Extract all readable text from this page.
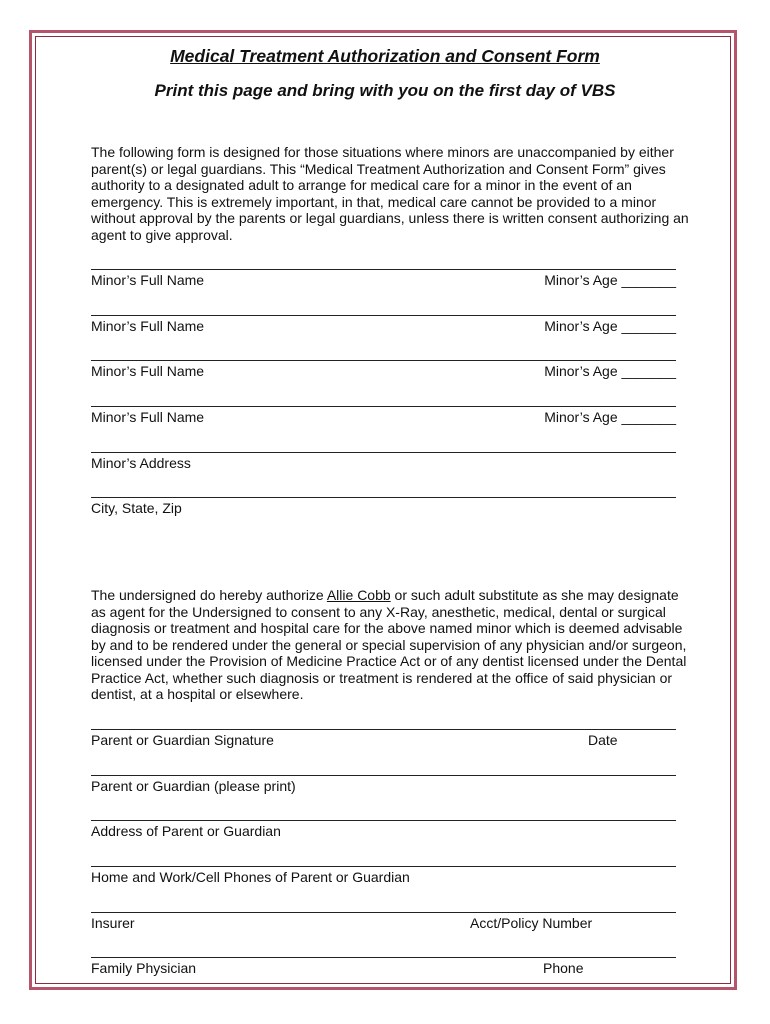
Medical Treatment Authorization and Consent Form
Print this page and bring with you on the first day of VBS

The following form is designed for those situations where minors are unaccompanied by either parent(s) or legal guardians. This “Medical Treatment Authorization and Consent Form” gives authority to a designated adult to arrange for medical care for a minor in the event of an emergency. This is extremely important, in that, medical care cannot be provided to a minor without approval by the parents or legal guardians, unless there is written consent authorizing an agent to give approval.

Minor’s Full Name	Minor’s Age _______
Minor’s Full Name	Minor’s Age _______
Minor’s Full Name	Minor’s Age _______
Minor’s Full Name	Minor’s Age _______
Minor’s Address
City, State, Zip

The undersigned do hereby authorize Allie Cobb or such adult substitute as she may designate as agent for the Undersigned to consent to any X-Ray, anesthetic, medical, dental or surgical diagnosis or treatment and hospital care for the above named minor which is deemed advisable by and to be rendered under the general or special supervision of any physician and/or surgeon, licensed under the Provision of Medicine Practice Act or of any dentist licensed under the Dental Practice Act, whether such diagnosis or treatment is rendered at the office of said physician or dentist, at a hospital or elsewhere.

Parent or Guardian Signature	Date
Parent or Guardian (please print)
Address of Parent or Guardian
Home and Work/Cell Phones of Parent or Guardian
Insurer	Acct/Policy Number
Family Physician	Phone
